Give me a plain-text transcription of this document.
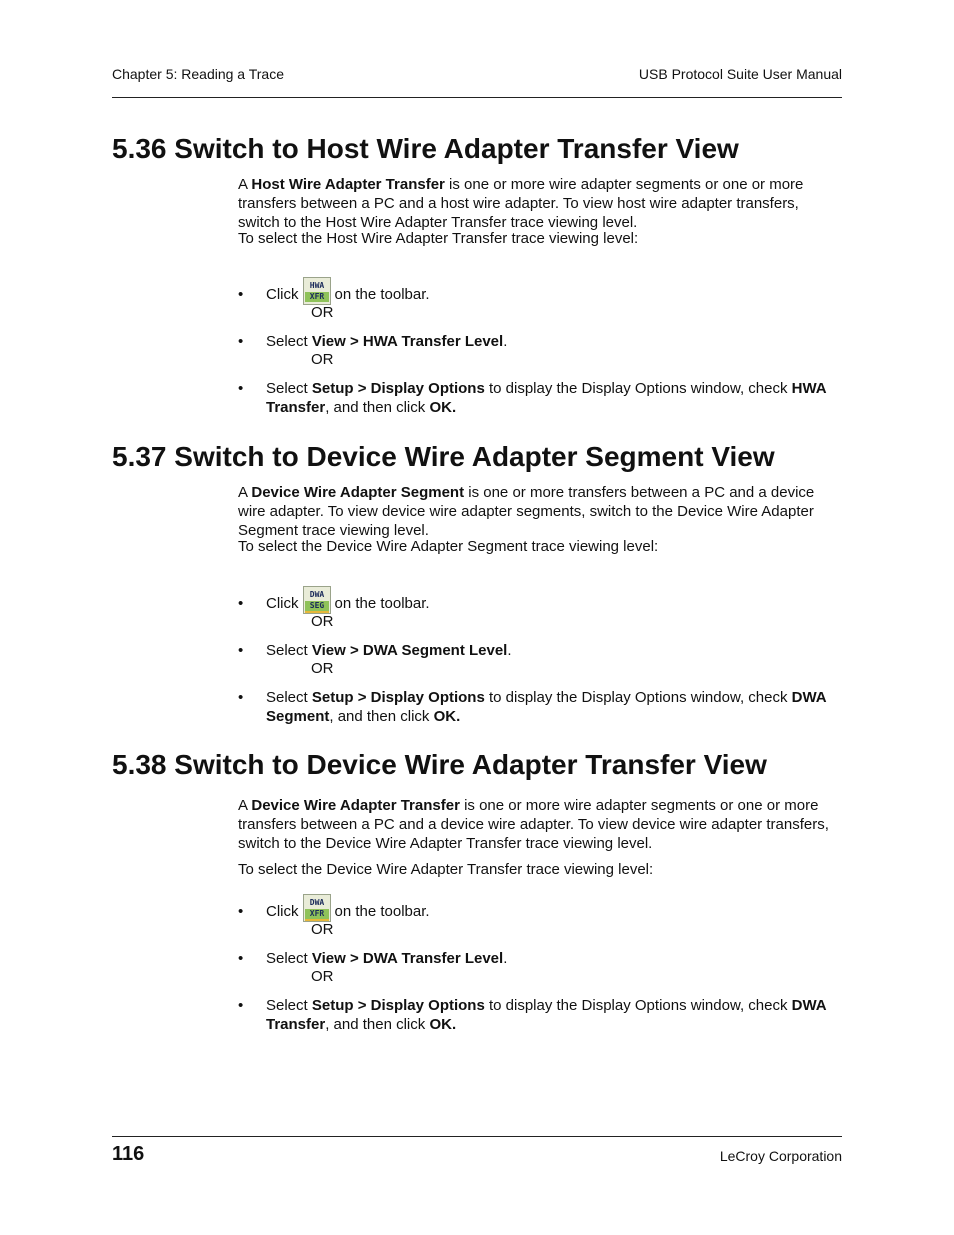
Chapter 5: Reading a Trace	USB Protocol Suite User Manual
5.36 Switch to Host Wire Adapter Transfer View

A Host Wire Adapter Transfer is one or more wire adapter segments or one or more transfers between a PC and a host wire adapter. To view host wire adapter transfers, switch to the Host Wire Adapter Transfer trace viewing level.

To select the Host Wire Adapter Transfer trace viewing level:

• Click
HWA
XFR on the toolbar.
OR
• Select View > HWA Transfer Level.
OR
• Select Setup > Display Options to display the Display Options window, check HWA Transfer, and then click OK.
5.37 Switch to Device Wire Adapter Segment View

A Device Wire Adapter Segment is one or more transfers between a PC and a device wire adapter. To view device wire adapter segments, switch to the Device Wire Adapter Segment trace viewing level.

To select the Device Wire Adapter Segment trace viewing level:

• Click
DWA
SEG on the toolbar.
OR
• Select View > DWA Segment Level.
OR
• Select Setup > Display Options to display the Display Options window, check DWA Segment, and then click OK.
5.38 Switch to Device Wire Adapter Transfer View

A Device Wire Adapter Transfer is one or more wire adapter segments or one or more transfers between a PC and a device wire adapter. To view device wire adapter transfers, switch to the Device Wire Adapter Transfer trace viewing level.

To select the Device Wire Adapter Transfer trace viewing level:

• Click
DWA
XFR on the toolbar.
OR
• Select View > DWA Transfer Level.
OR
• Select Setup > Display Options to display the Display Options window, check DWA Transfer, and then click OK.
116	LeCroy Corporation
